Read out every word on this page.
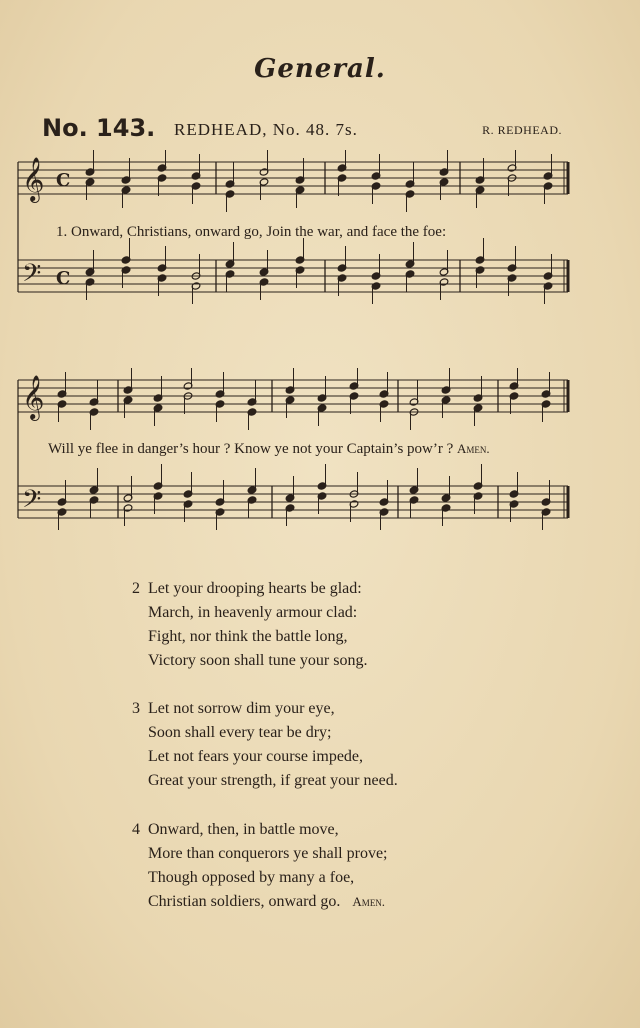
General.
No. 143. REDHEAD, No. 48. 7s.	R. REDHEAD.
𝄞
𝄢
C
C
1. Onward, Christians, onward go, Join the war, and face the foe:
𝄞
𝄢
Will ye flee in danger’s hour ? Know ye not your Captain’s pow’r ? Amen.
2 Let your drooping hearts be glad:
March, in heavenly armour clad:
Fight, nor think the battle long,
Victory soon shall tune your song.
3 Let not sorrow dim your eye,
Soon shall every tear be dry;
Let not fears your course impede,
Great your strength, if great your need.
4 Onward, then, in battle move,
More than conquerors ye shall prove;
Though opposed by many a foe,
Christian soldiers, onward go. Amen.
